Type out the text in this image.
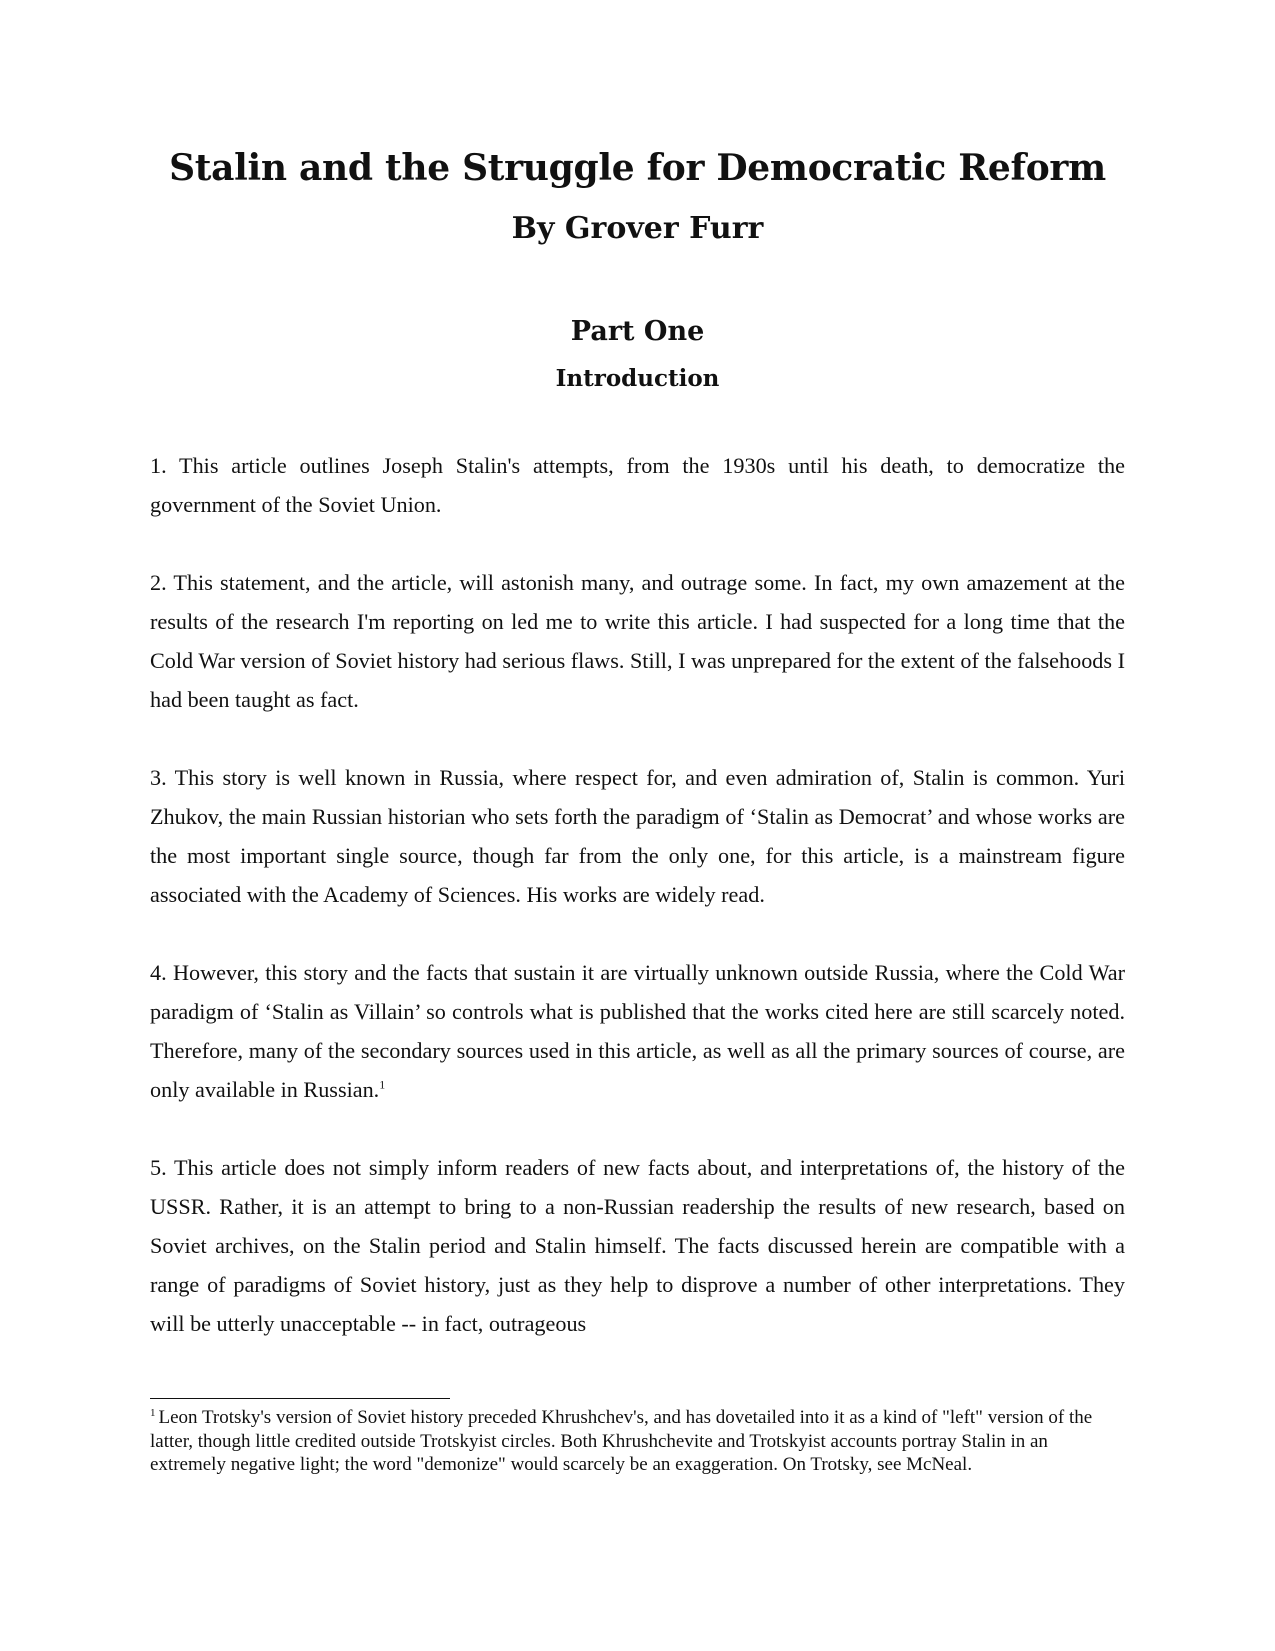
Stalin and the Struggle for Democratic Reform
By Grover Furr
Part One
Introduction

1. This article outlines Joseph Stalin's attempts, from the 1930s until his death, to democratize the government of the Soviet Union.

2. This statement, and the article, will astonish many, and outrage some. In fact, my own amazement at the results of the research I'm reporting on led me to write this article. I had suspected for a long time that the Cold War version of Soviet history had serious flaws. Still, I was unprepared for the extent of the falsehoods I had been taught as fact.

3. This story is well known in Russia, where respect for, and even admiration of, Stalin is common. Yuri Zhukov, the main Russian historian who sets forth the paradigm of ‘Stalin as Democrat’ and whose works are the most important single source, though far from the only one, for this article, is a mainstream figure associated with the Academy of Sciences. His works are widely read.

4. However, this story and the facts that sustain it are virtually unknown outside Russia, where the Cold War paradigm of ‘Stalin as Villain’ so controls what is published that the works cited here are still scarcely noted. Therefore, many of the secondary sources used in this article, as well as all the primary sources of course, are only available in Russian.$^1$

5. This article does not simply inform readers of new facts about, and interpretations of, the history of the USSR. Rather, it is an attempt to bring to a non-Russian readership the results of new research, based on Soviet archives, on the Stalin period and Stalin himself. The facts discussed herein are compatible with a range of paradigms of Soviet history, just as they help to disprove a number of other interpretations. They will be utterly unacceptable -- in fact, outrageous

$^1$ Leon Trotsky's version of Soviet history preceded Khrushchev's, and has dovetailed into it as a kind of "left" version of the latter, though little credited outside Trotskyist circles. Both Khrushchevite and Trotskyist accounts portray Stalin in an extremely negative light; the word "demonize" would scarcely be an exaggeration. On Trotsky, see McNeal.
